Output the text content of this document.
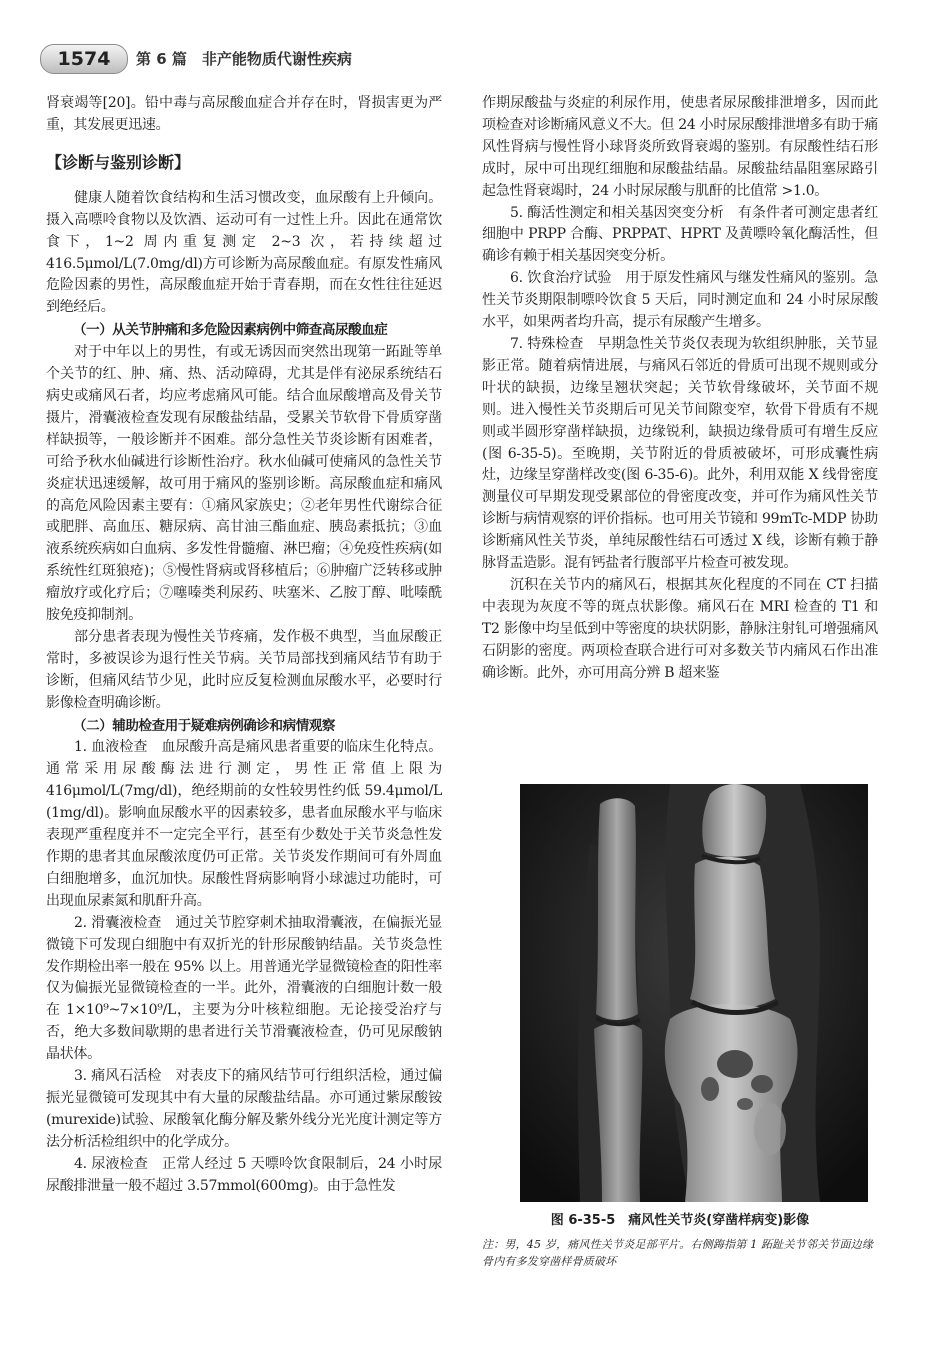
1574	第 6 篇　非产能物质代谢性疾病

肾衰竭等[20]。铅中毒与高尿酸血症合并存在时，肾损害更为严重，其发展更迅速。

【诊断与鉴别诊断】

健康人随着饮食结构和生活习惯改变，血尿酸有上升倾向。摄入高嘌呤食物以及饮酒、运动可有一过性上升。因此在通常饮食下，1~2 周内重复测定 2~3 次，若持续超过 416.5μmol/L(7.0mg/dl)方可诊断为高尿酸血症。有原发性痛风危险因素的男性，高尿酸血症开始于青春期，而在女性往往延迟到绝经后。

（一）从关节肿痛和多危险因素病例中筛查高尿酸血症

对于中年以上的男性，有或无诱因而突然出现第一跖趾等单个关节的红、肿、痛、热、活动障碍，尤其是伴有泌尿系统结石病史或痛风石者，均应考虑痛风可能。结合血尿酸增高及骨关节摄片，滑囊液检查发现有尿酸盐结晶，受累关节软骨下骨质穿凿样缺损等，一般诊断并不困难。部分急性关节炎诊断有困难者，可给予秋水仙碱进行诊断性治疗。秋水仙碱可使痛风的急性关节炎症状迅速缓解，故可用于痛风的鉴别诊断。高尿酸血症和痛风的高危风险因素主要有：①痛风家族史；②老年男性代谢综合征或肥胖、高血压、糖尿病、高甘油三酯血症、胰岛素抵抗；③血液系统疾病如白血病、多发性骨髓瘤、淋巴瘤；④免疫性疾病(如系统性红斑狼疮)；⑤慢性肾病或肾移植后；⑥肿瘤广泛转移或肿瘤放疗或化疗后；⑦噻嗪类利尿药、呋塞米、乙胺丁醇、吡嗪酰胺免疫抑制剂。

部分患者表现为慢性关节疼痛，发作极不典型，当血尿酸正常时，多被误诊为退行性关节病。关节局部找到痛风结节有助于诊断，但痛风结节少见，此时应反复检测血尿酸水平，必要时行影像检查明确诊断。

（二）辅助检查用于疑难病例确诊和病情观察

1. 血液检查　血尿酸升高是痛风患者重要的临床生化特点。通常采用尿酸酶法进行测定，男性正常值上限为 416μmol/L(7mg/dl)，绝经期前的女性较男性约低 59.4μmol/L (1mg/dl)。影响血尿酸水平的因素较多，患者血尿酸水平与临床表现严重程度并不一定完全平行，甚至有少数处于关节炎急性发作期的患者其血尿酸浓度仍可正常。关节炎发作期间可有外周血白细胞增多，血沉加快。尿酸性肾病影响肾小球滤过功能时，可出现血尿素氮和肌酐升高。

2. 滑囊液检查　通过关节腔穿刺术抽取滑囊液，在偏振光显微镜下可发现白细胞中有双折光的针形尿酸钠结晶。关节炎急性发作期检出率一般在 95% 以上。用普通光学显微镜检查的阳性率仅为偏振光显微镜检查的一半。此外，滑囊液的白细胞计数一般在 1×10⁹~7×10⁹/L，主要为分叶核粒细胞。无论接受治疗与否，绝大多数间歇期的患者进行关节滑囊液检查，仍可见尿酸钠晶状体。

3. 痛风石活检　对表皮下的痛风结节可行组织活检，通过偏振光显微镜可发现其中有大量的尿酸盐结晶。亦可通过紫尿酸铵(murexide)试验、尿酸氧化酶分解及紫外线分光光度计测定等方法分析活检组织中的化学成分。

4. 尿液检查　正常人经过 5 天嘌呤饮食限制后，24 小时尿尿酸排泄量一般不超过 3.57mmol(600mg)。由于急性发

作期尿酸盐与炎症的利尿作用，使患者尿尿酸排泄增多，因而此项检查对诊断痛风意义不大。但 24 小时尿尿酸排泄增多有助于痛风性肾病与慢性肾小球肾炎所致肾衰竭的鉴别。有尿酸性结石形成时，尿中可出现红细胞和尿酸盐结晶。尿酸盐结晶阻塞尿路引起急性肾衰竭时，24 小时尿尿酸与肌酐的比值常 >1.0。

5. 酶活性测定和相关基因突变分析　有条件者可测定患者红细胞中 PRPP 合酶、PRPPAT、HPRT 及黄嘌呤氧化酶活性，但确诊有赖于相关基因突变分析。

6. 饮食治疗试验　用于原发性痛风与继发性痛风的鉴别。急性关节炎期限制嘌呤饮食 5 天后，同时测定血和 24 小时尿尿酸水平，如果两者均升高，提示有尿酸产生增多。

7. 特殊检查　早期急性关节炎仅表现为软组织肿胀，关节显影正常。随着病情进展，与痛风石邻近的骨质可出现不规则或分叶状的缺损，边缘呈翘状突起；关节软骨缘破坏，关节面不规则。进入慢性关节炎期后可见关节间隙变窄，软骨下骨质有不规则或半圆形穿凿样缺损，边缘锐利，缺损边缘骨质可有增生反应(图 6-35-5)。至晚期，关节附近的骨质被破坏，可形成囊性病灶，边缘呈穿凿样改变(图 6-35-6)。此外，利用双能 X 线骨密度测量仪可早期发现受累部位的骨密度改变，并可作为痛风性关节诊断与病情观察的评价指标。也可用关节镜和 99mTc-MDP 协助诊断痛风性关节炎，单纯尿酸性结石可透过 X 线，诊断有赖于静脉肾盂造影。混有钙盐者行腹部平片检查可被发现。

沉积在关节内的痛风石，根据其灰化程度的不同在 CT 扫描中表现为灰度不等的斑点状影像。痛风石在 MRI 检查的 T1 和 T2 影像中均呈低到中等密度的块状阴影，静脉注射钆可增强痛风石阴影的密度。两项检查联合进行可对多数关节内痛风石作出准确诊断。此外，亦可用高分辨 B 超来鉴

图 6-35-5　痛风性关节炎(穿凿样病变)影像

注：男，45 岁，痛风性关节炎足部平片。右侧踇指第 1 跖趾关节邻关节面边缘骨内有多发穿凿样骨质破坏
